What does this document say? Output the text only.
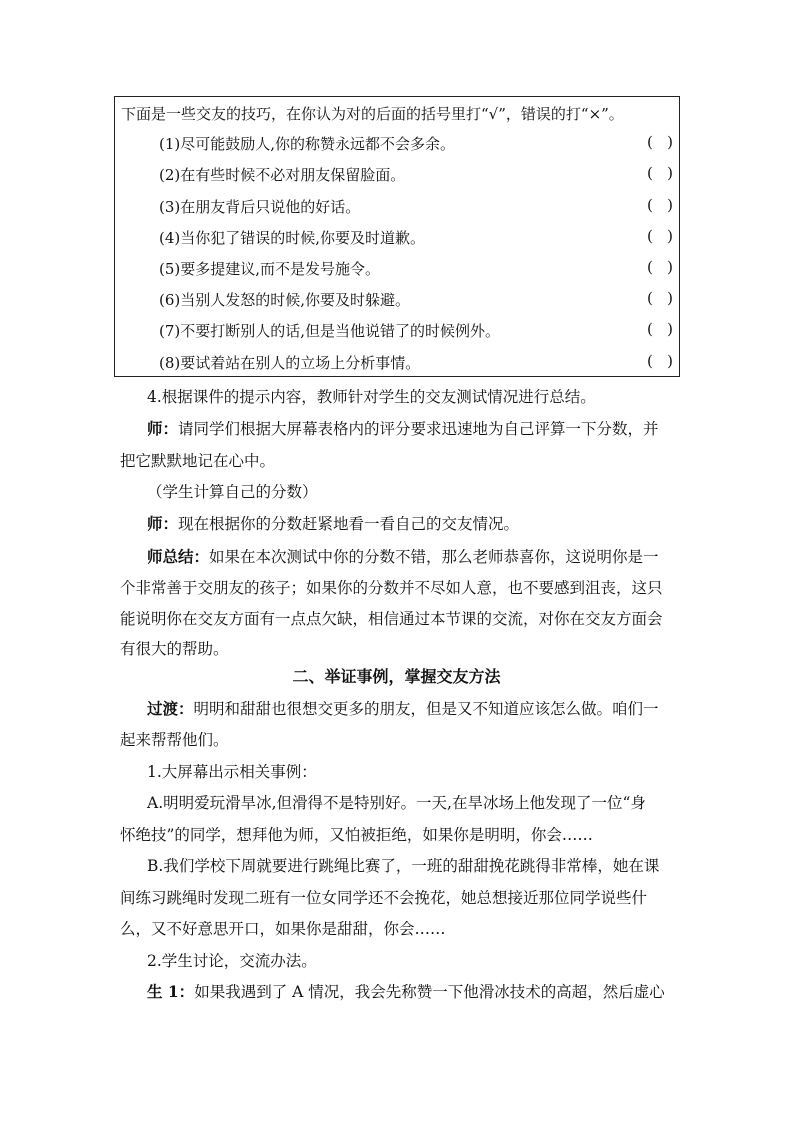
下面是一些交友的技巧，在你认为对的后面的括号里打“√”，错误的打“×”。
(1)尽可能鼓励人,你的称赞永远都不会多余。	(   )
(2)在有些时候不必对朋友保留脸面。	(   )
(3)在朋友背后只说他的好话。	(   )
(4)当你犯了错误的时候,你要及时道歉。	(   )
(5)要多提建议,而不是发号施令。	(   )
(6)当别人发怒的时候,你要及时躲避。	(   )
(7)不要打断别人的话,但是当他说错了的时候例外。	(   )
(8)要试着站在别人的立场上分析事情。	(   )
4.根据课件的提示内容，教师针对学生的交友测试情况进行总结。
师：请同学们根据大屏幕表格内的评分要求迅速地为自己评算一下分数，并
把它默默地记在心中。
（学生计算自己的分数）
师：现在根据你的分数赶紧地看一看自己的交友情况。
师总结：如果在本次测试中你的分数不错，那么老师恭喜你，这说明你是一
个非常善于交朋友的孩子；如果你的分数并不尽如人意，也不要感到沮丧，这只
能说明你在交友方面有一点点欠缺，相信通过本节课的交流，对你在交友方面会
有很大的帮助。
二、举证事例，掌握交友方法
过渡：明明和甜甜也很想交更多的朋友，但是又不知道应该怎么做。咱们一
起来帮帮他们。
1.大屏幕出示相关事例：
A.明明爱玩滑旱冰,但滑得不是特别好。一天,在旱冰场上他发现了一位“身
怀绝技”的同学，想拜他为师，又怕被拒绝，如果你是明明，你会……
B.我们学校下周就要进行跳绳比赛了，一班的甜甜挽花跳得非常棒，她在课
间练习跳绳时发现二班有一位女同学还不会挽花，她总想接近那位同学说些什
么，又不好意思开口，如果你是甜甜，你会……
2.学生讨论，交流办法。
生 1：如果我遇到了 A 情况，我会先称赞一下他滑冰技术的高超，然后虚心
